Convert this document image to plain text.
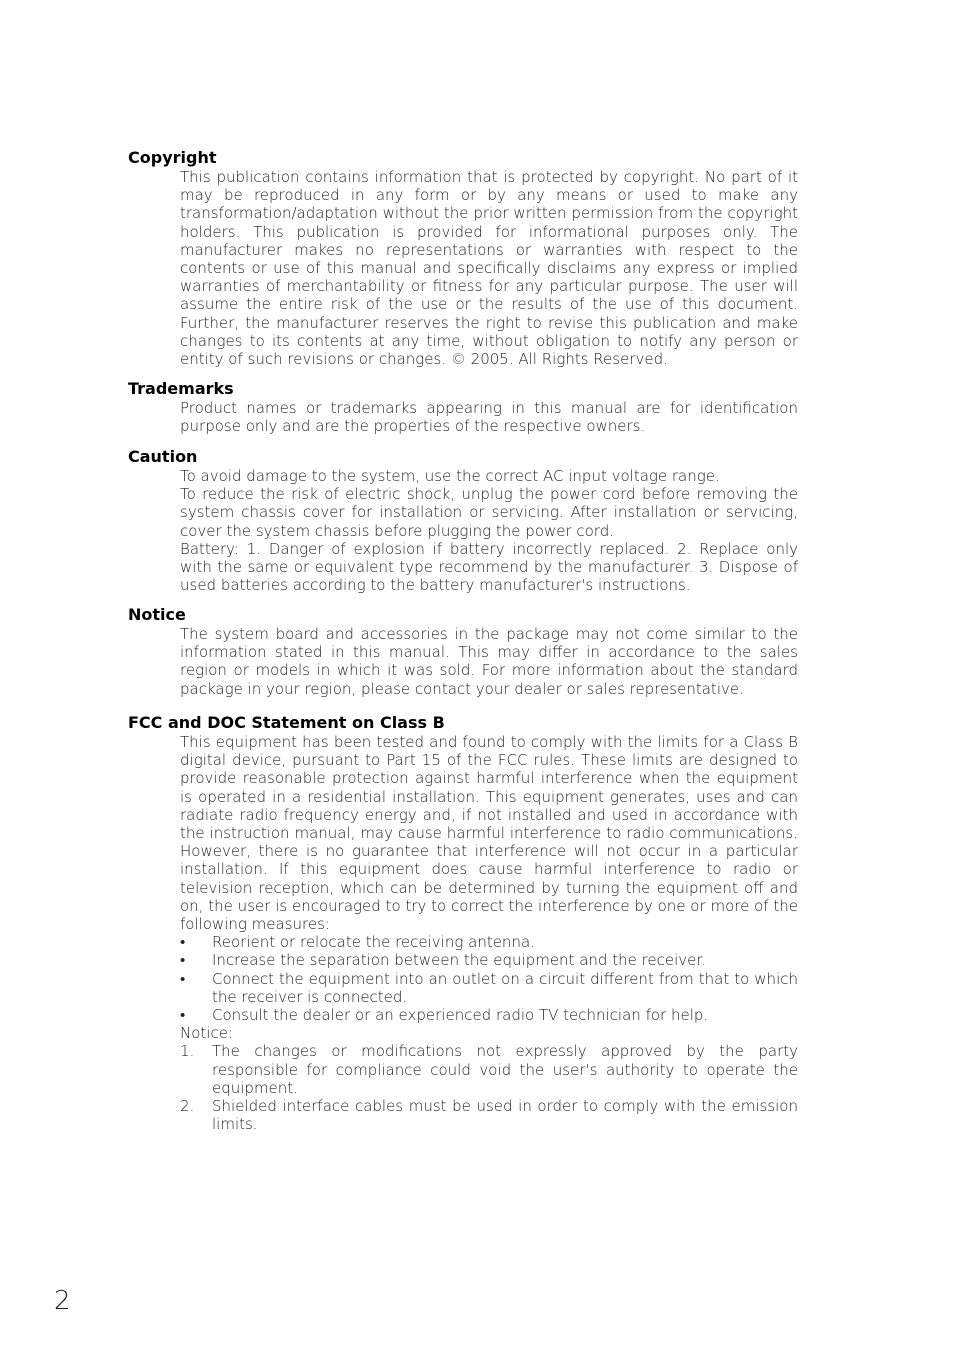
Copyright

This publication contains information that is protected by copyright. No part of it may be reproduced in any form or by any means or used to make any transformation/adaptation without the prior written permission from the copyright holders. This publication is provided for informational purposes only. The manufacturer makes no representations or warranties with respect to the contents or use of this manual and specifically disclaims any express or implied warranties of merchantability or fitness for any particular purpose. The user will assume the entire risk of the use or the results of the use of this document. Further, the manufacturer reserves the right to revise this publication and make changes to its contents at any time, without obligation to notify any person or entity of such revisions or changes. © 2005. All Rights Reserved.

Trademarks

Product names or trademarks appearing in this manual are for identification purpose only and are the properties of the respective owners.

Caution

To avoid damage to the system, use the correct AC input voltage range.

To reduce the risk of electric shock, unplug the power cord before removing the system chassis cover for installation or servicing. After installation or servicing, cover the system chassis before plugging the power cord.

Battery: 1. Danger of explosion if battery incorrectly replaced. 2. Replace only with the same or equivalent type recommend by the manufacturer. 3. Dispose of used batteries according to the battery manufacturer's instructions.

Notice

The system board and accessories in the package may not come similar to the information stated in this manual. This may differ in accordance to the sales region or models in which it was sold. For more information about the standard package in your region, please contact your dealer or sales representative.

FCC and DOC Statement on Class B

This equipment has been tested and found to comply with the limits for a Class B digital device, pursuant to Part 15 of the FCC rules. These limits are designed to provide reasonable protection against harmful interference when the equipment is operated in a residential installation. This equipment generates, uses and can radiate radio frequency energy and, if not installed and used in accordance with the instruction manual, may cause harmful interference to radio communications. However, there is no guarantee that interference will not occur in a particular installation. If this equipment does cause harmful interference to radio or television reception, which can be determined by turning the equipment off and on, the user is encouraged to try to correct the interference by one or more of the following measures:

• Reorient or relocate the receiving antenna.
• Increase the separation between the equipment and the receiver.
• Connect the equipment into an outlet on a circuit different from that to which the receiver is connected.
• Consult the dealer or an experienced radio TV technician for help.

Notice:

1. The changes or modifications not expressly approved by the party responsible for compliance could void the user's authority to operate the equipment.
2. Shielded interface cables must be used in order to comply with the emission limits.
2
